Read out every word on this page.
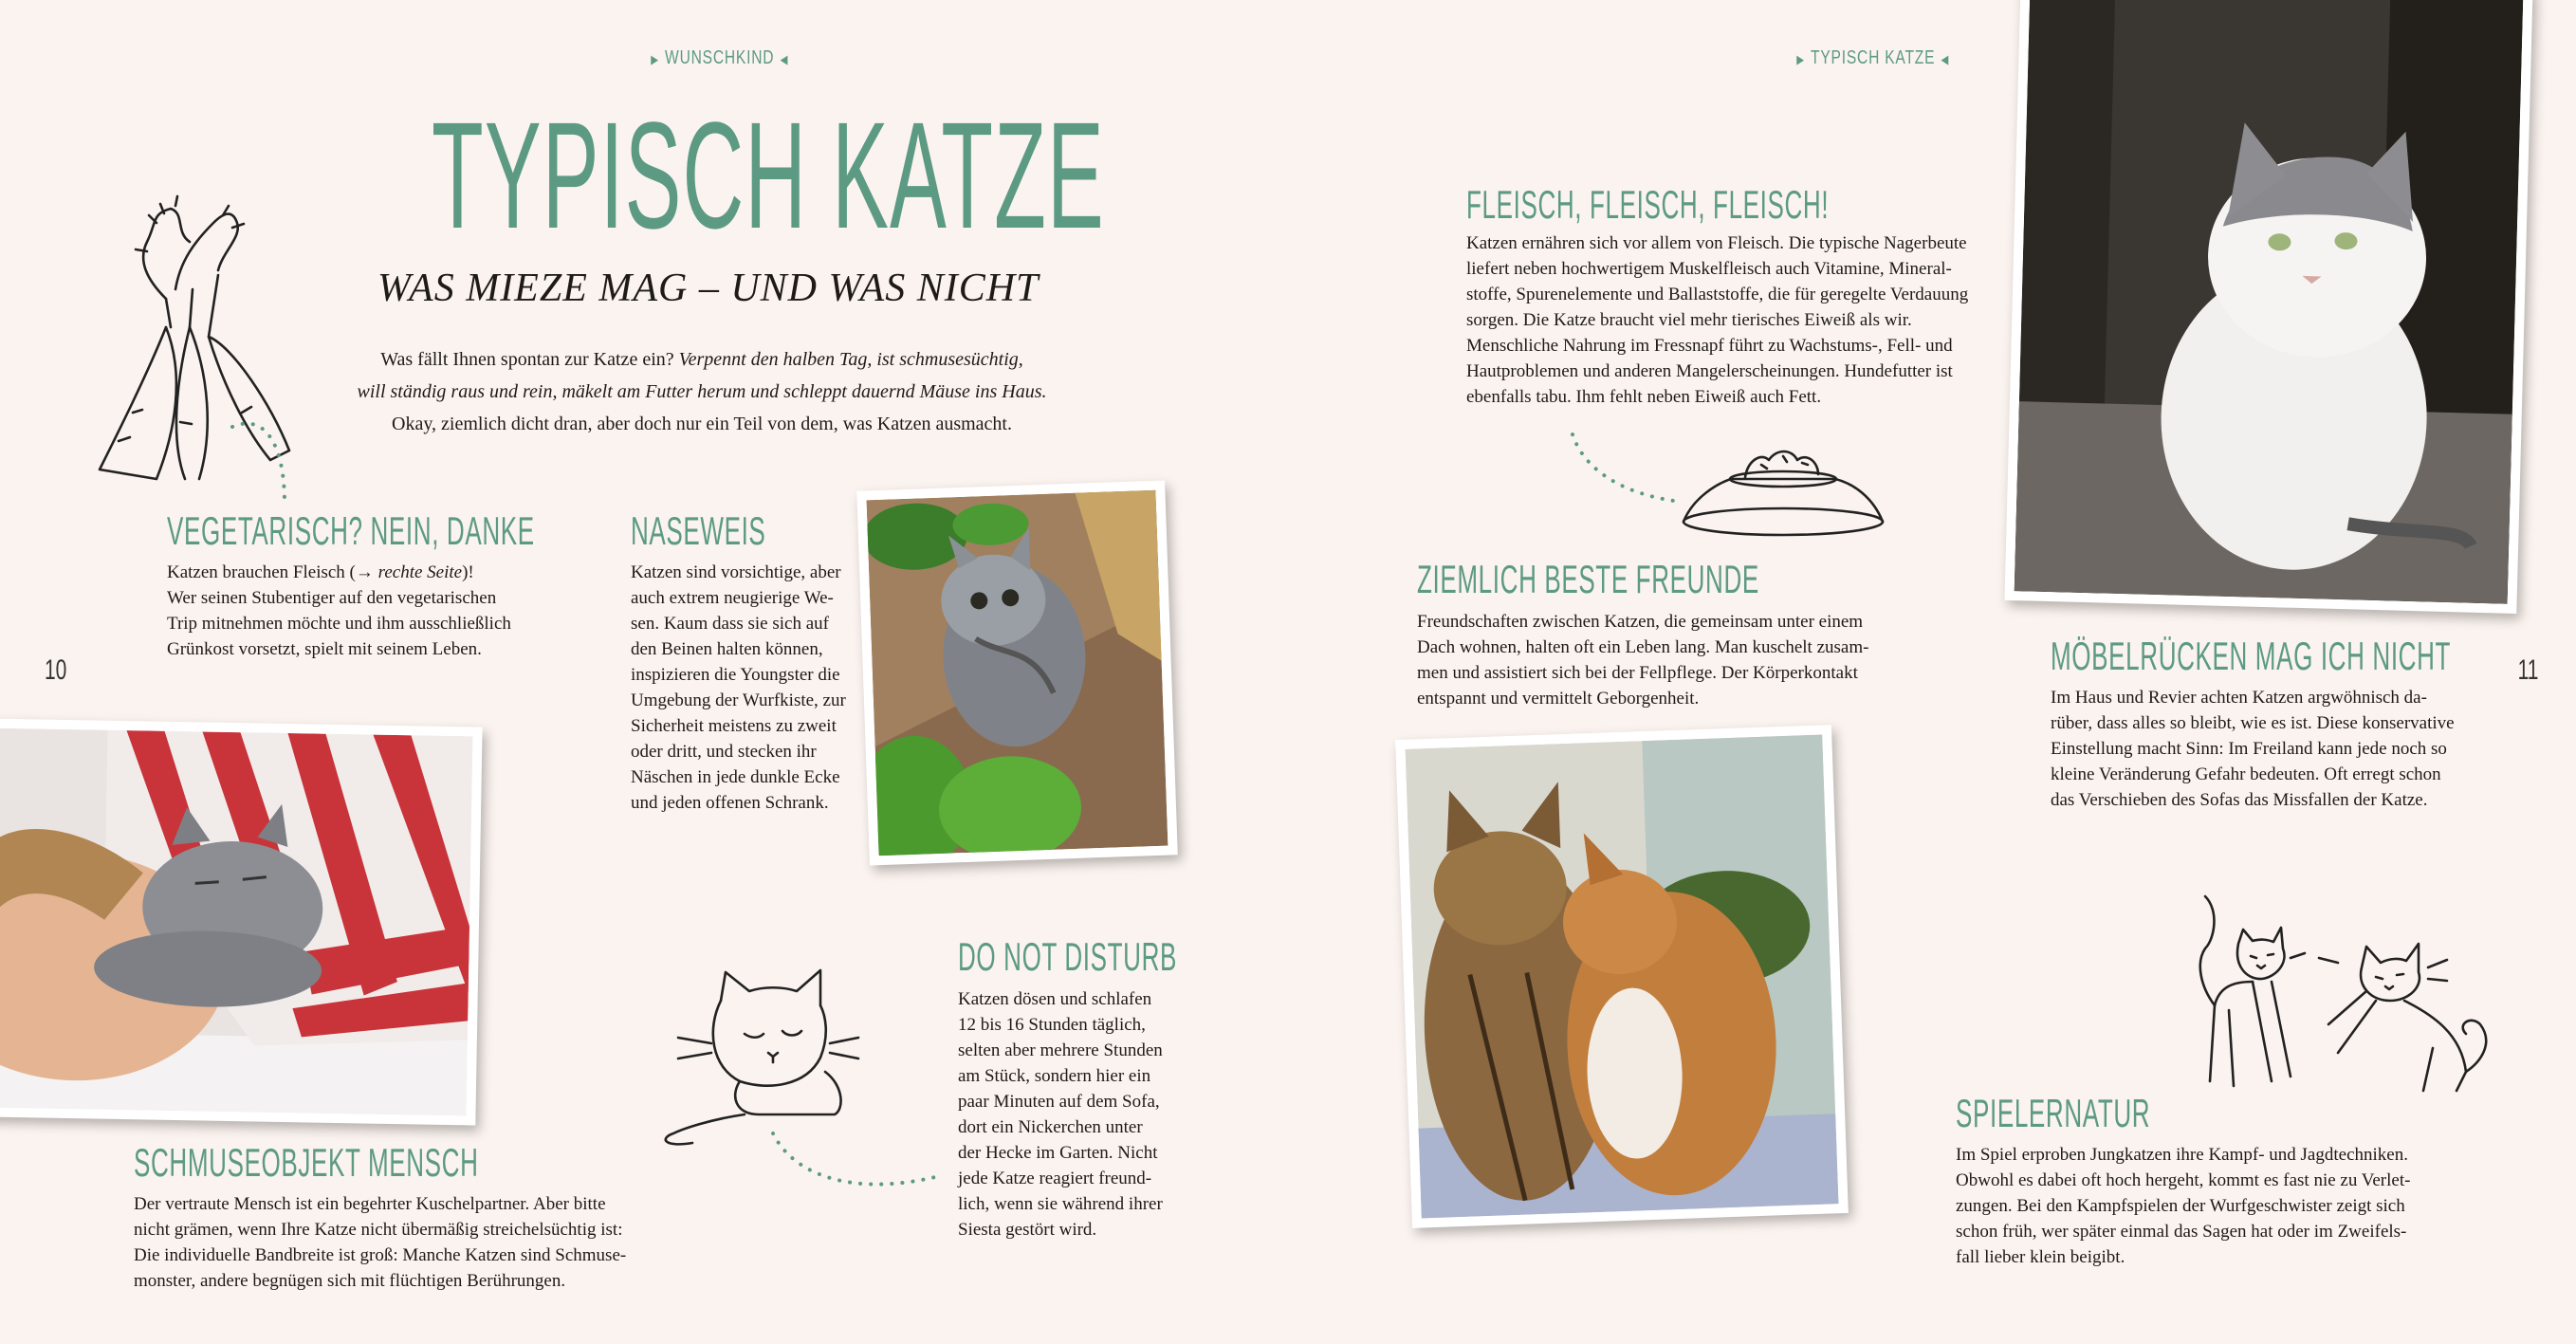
▶ WUNSCHKIND ◀
TYPISCH KATZE
WAS MIEZE MAG – UND WAS NICHT
Was fällt Ihnen spontan zur Katze ein? Verpennt den halben Tag, ist schmusesüchtig,
will ständig raus und rein, mäkelt am Futter herum und schleppt dauernd Mäuse ins Haus.
Okay, ziemlich dicht dran, aber doch nur ein Teil von dem, was Katzen ausmacht.
VEGETARISCH? NEIN, DANKE
Katzen brauchen Fleisch (→ rechte Seite)!
Wer seinen Stubentiger auf den vegetarischen
Trip mitnehmen möchte und ihm ausschließlich
Grünkost vorsetzt, spielt mit seinem Leben.
NASEWEIS
Katzen sind vorsichtige, aber
auch extrem neugierige We-
sen. Kaum dass sie sich auf
den Beinen halten können,
inspizieren die Youngster die
Umgebung der Wurfkiste, zur
Sicherheit meistens zu zweit
oder dritt, und stecken ihr
Näschen in jede dunkle Ecke
und jeden offenen Schrank.
SCHMUSEOBJEKT MENSCH
Der vertraute Mensch ist ein begehrter Kuschelpartner. Aber bitte
nicht grämen, wenn Ihre Katze nicht übermäßig streichelsüchtig ist:
Die individuelle Bandbreite ist groß: Manche Katzen sind Schmuse-
monster, andere begnügen sich mit flüchtigen Berührungen.
DO NOT DISTURB
Katzen dösen und schlafen
12 bis 16 Stunden täglich,
selten aber mehrere Stunden
am Stück, sondern hier ein
paar Minuten auf dem Sofa,
dort ein Nickerchen unter
der Hecke im Garten. Nicht
jede Katze reagiert freund-
lich, wenn sie während ihrer
Siesta gestört wird.
10
▶ TYPISCH KATZE ◀
FLEISCH, FLEISCH, FLEISCH!
Katzen ernähren sich vor allem von Fleisch. Die typische Nagerbeute
liefert neben hochwertigem Muskelfleisch auch Vitamine, Mineral-
stoffe, Spurenelemente und Ballaststoffe, die für geregelte Verdauung
sorgen. Die Katze braucht viel mehr tierisches Eiweiß als wir.
Menschliche Nahrung im Fressnapf führt zu Wachstums-, Fell- und
Hautproblemen und anderen Mangelerscheinungen. Hundefutter ist
ebenfalls tabu. Ihm fehlt neben Eiweiß auch Fett.
ZIEMLICH BESTE FREUNDE
Freundschaften zwischen Katzen, die gemeinsam unter einem
Dach wohnen, halten oft ein Leben lang. Man kuschelt zusam-
men und assistiert sich bei der Fellpflege. Der Körperkontakt
entspannt und vermittelt Geborgenheit.
MÖBELRÜCKEN MAG ICH NICHT
Im Haus und Revier achten Katzen argwöhnisch da-
rüber, dass alles so bleibt, wie es ist. Diese konservative
Einstellung macht Sinn: Im Freiland kann jede noch so
kleine Veränderung Gefahr bedeuten. Oft erregt schon
das Verschieben des Sofas das Missfallen der Katze.
SPIELERNATUR
Im Spiel erproben Jungkatzen ihre Kampf- und Jagdtechniken.
Obwohl es dabei oft hoch hergeht, kommt es fast nie zu Verlet-
zungen. Bei den Kampfspielen der Wurfgeschwister zeigt sich
schon früh, wer später einmal das Sagen hat oder im Zweifels-
fall lieber klein beigibt.
11
